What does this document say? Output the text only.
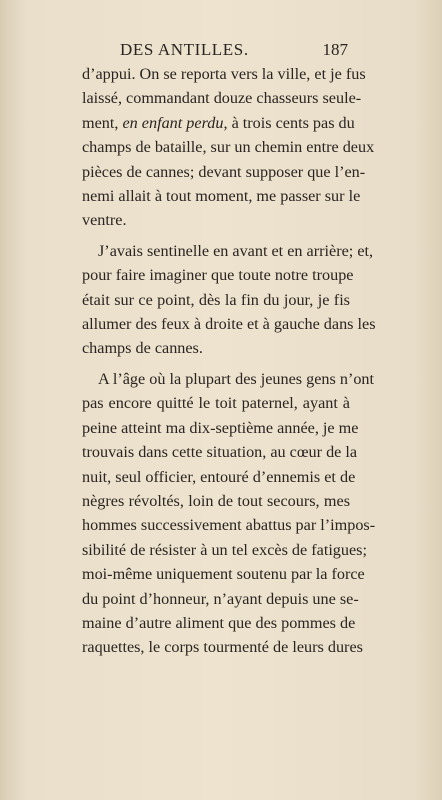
DES ANTILLES.	187
d’appui. On se reporta vers la ville, et je fus
laissé, commandant douze chasseurs seule-
ment, en enfant perdu, à trois cents pas du
champs de bataille, sur un chemin entre deux
pièces de cannes; devant supposer que l’en-
nemi allait à tout moment, me passer sur le
ventre.
J’avais sentinelle en avant et en arrière; et,
pour faire imaginer que toute notre troupe
était sur ce point, dès la fin du jour, je fis
allumer des feux à droite et à gauche dans les
champs de cannes.
A l’âge où la plupart des jeunes gens n’ont
pas encore quitté le toit paternel, ayant à
peine atteint ma dix-septième année, je me
trouvais dans cette situation, au cœur de la
nuit, seul officier, entouré d’ennemis et de
nègres révoltés, loin de tout secours, mes
hommes successivement abattus par l’impos-
sibilité de résister à un tel excès de fatigues;
moi-même uniquement soutenu par la force
du point d’honneur, n’ayant depuis une se-
maine d’autre aliment que des pommes de
raquettes, le corps tourmenté de leurs dures
